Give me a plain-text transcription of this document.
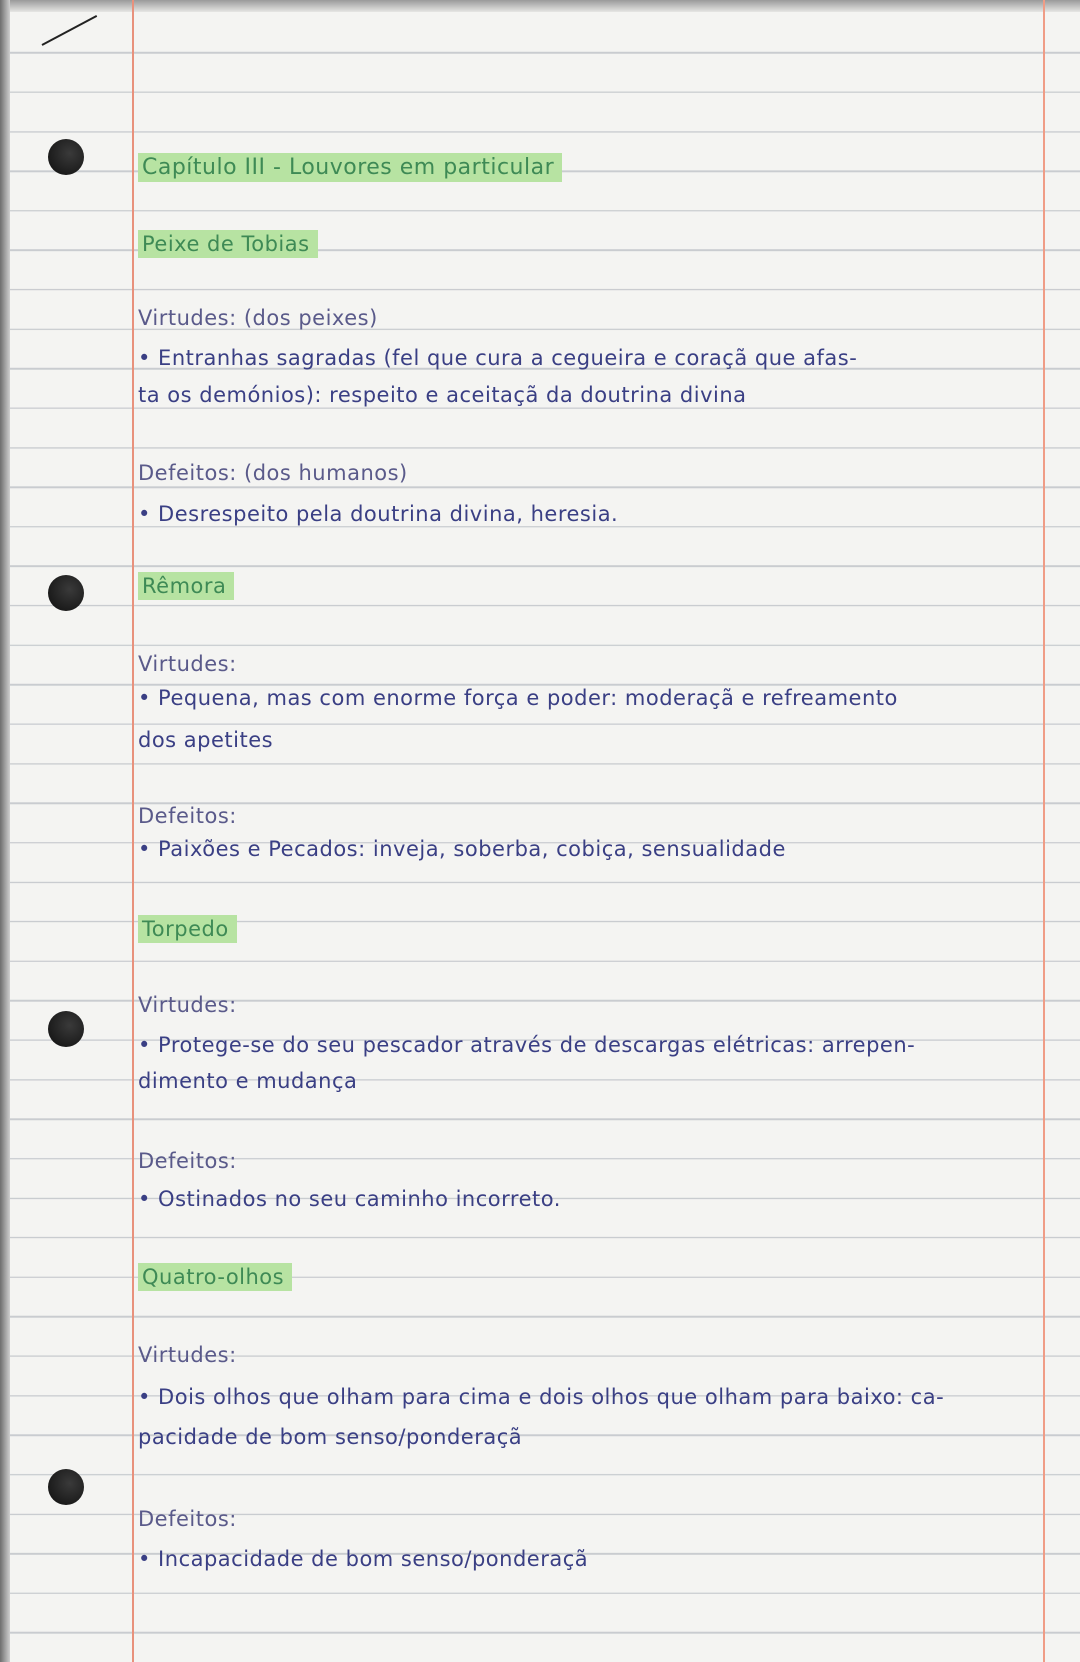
Capítulo III - Louvores em particular
Peixe de Tobias
Virtudes: (dos peixes)
• Entranhas sagradas (fel que cura a cegueira e coraçã que afas-
ta os demónios): respeito e aceitaçã da doutrina divina
Defeitos: (dos humanos)
• Desrespeito pela doutrina divina, heresia.
Rêmora
Virtudes:
• Pequena, mas com enorme força e poder: moderaçã e refreamento
dos apetites
Defeitos:
• Paixões e Pecados: inveja, soberba, cobiça, sensualidade
Torpedo
Virtudes:
• Protege-se do seu pescador através de descargas elétricas: arrepen-
dimento e mudança
Defeitos:
• Ostinados no seu caminho incorreto.
Quatro-olhos
Virtudes:
• Dois olhos que olham para cima e dois olhos que olham para baixo: ca-
pacidade de bom senso/ponderaçã
Defeitos:
• Incapacidade de bom senso/ponderaçã
